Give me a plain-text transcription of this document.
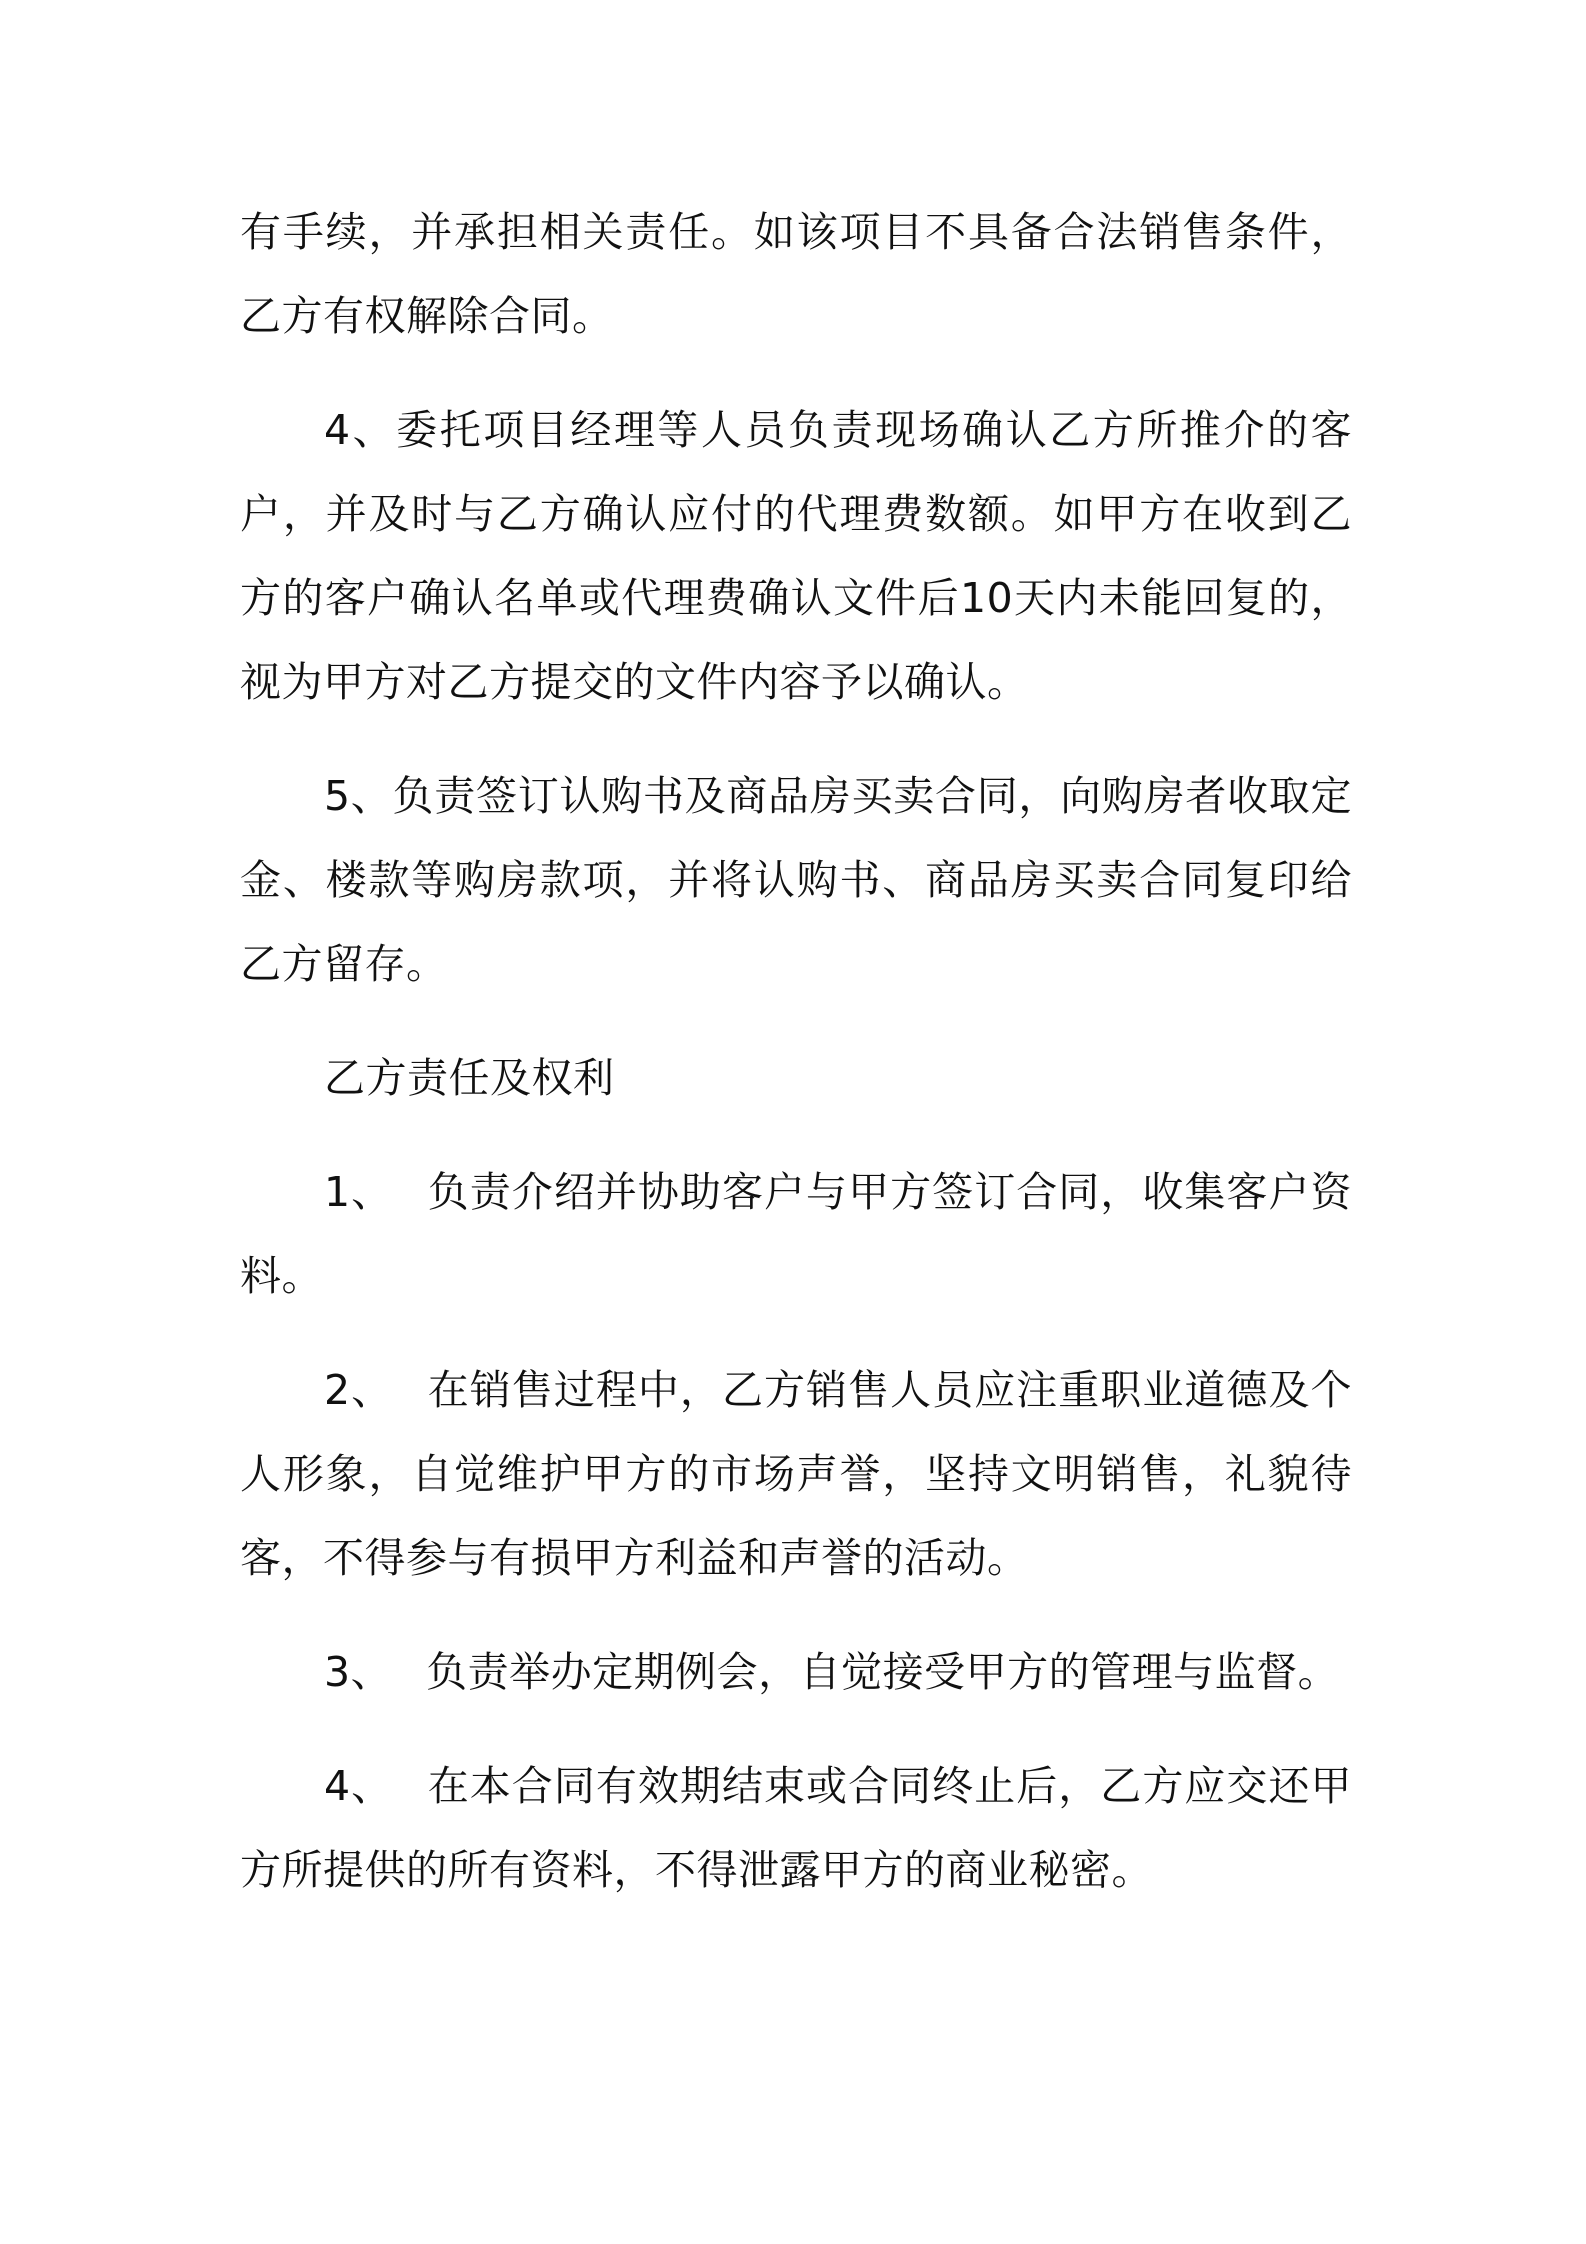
有手续，并承担相关责任。如该项目不具备合法销售条件，乙方有权解除合同。

4、委托项目经理等人员负责现场确认乙方所推介的客户，并及时与乙方确认应付的代理费数额。如甲方在收到乙方的客户确认名单或代理费确认文件后10天内未能回复的，视为甲方对乙方提交的文件内容予以确认。

5、负责签订认购书及商品房买卖合同，向购房者收取定金、楼款等购房款项，并将认购书、商品房买卖合同复印给乙方留存。

乙方责任及权利

1、 负责介绍并协助客户与甲方签订合同，收集客户资料。

2、 在销售过程中，乙方销售人员应注重职业道德及个人形象，自觉维护甲方的市场声誉，坚持文明销售，礼貌待客，不得参与有损甲方利益和声誉的活动。

3、 负责举办定期例会，自觉接受甲方的管理与监督。

4、 在本合同有效期结束或合同终止后，乙方应交还甲方所提供的所有资料，不得泄露甲方的商业秘密。
